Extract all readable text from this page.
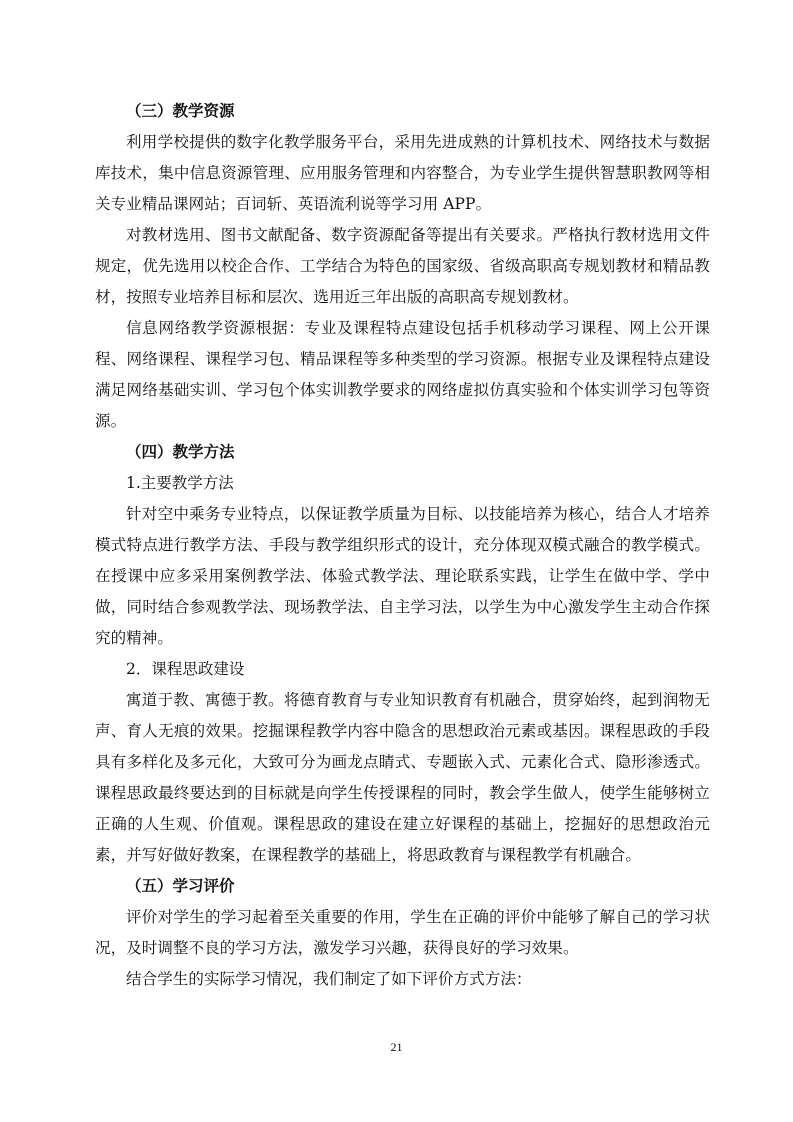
（三）教学资源

利用学校提供的数字化教学服务平台，采用先进成熟的计算机技术、网络技术与数据库技术，集中信息资源管理、应用服务管理和内容整合，为专业学生提供智慧职教网等相关专业精品课网站；百词斩、英语流利说等学习用 APP。

对教材选用、图书文献配备、数字资源配备等提出有关要求。严格执行教材选用文件规定，优先选用以校企合作、工学结合为特色的国家级、省级高职高专规划教材和精品教材，按照专业培养目标和层次、选用近三年出版的高职高专规划教材。

信息网络教学资源根据：专业及课程特点建设包括手机移动学习课程、网上公开课程、网络课程、课程学习包、精品课程等多种类型的学习资源。根据专业及课程特点建设满足网络基础实训、学习包个体实训教学要求的网络虚拟仿真实验和个体实训学习包等资源。

（四）教学方法

1.主要教学方法

针对空中乘务专业特点，以保证教学质量为目标、以技能培养为核心，结合人才培养模式特点进行教学方法、手段与教学组织形式的设计，充分体现双模式融合的教学模式。在授课中应多采用案例教学法、体验式教学法、理论联系实践，让学生在做中学、学中做，同时结合参观教学法、现场教学法、自主学习法，以学生为中心激发学生主动合作探究的精神。

2．课程思政建设

寓道于教、寓德于教。将德育教育与专业知识教育有机融合，贯穿始终，起到润物无声、育人无痕的效果。挖掘课程教学内容中隐含的思想政治元素或基因。课程思政的手段具有多样化及多元化，大致可分为画龙点睛式、专题嵌入式、元素化合式、隐形渗透式。课程思政最终要达到的目标就是向学生传授课程的同时，教会学生做人，使学生能够树立正确的人生观、价值观。课程思政的建设在建立好课程的基础上，挖掘好的思想政治元素，并写好做好教案，在课程教学的基础上，将思政教育与课程教学有机融合。

（五）学习评价

评价对学生的学习起着至关重要的作用，学生在正确的评价中能够了解自己的学习状况，及时调整不良的学习方法，激发学习兴趣，获得良好的学习效果。

结合学生的实际学习情况，我们制定了如下评价方式方法：

21
